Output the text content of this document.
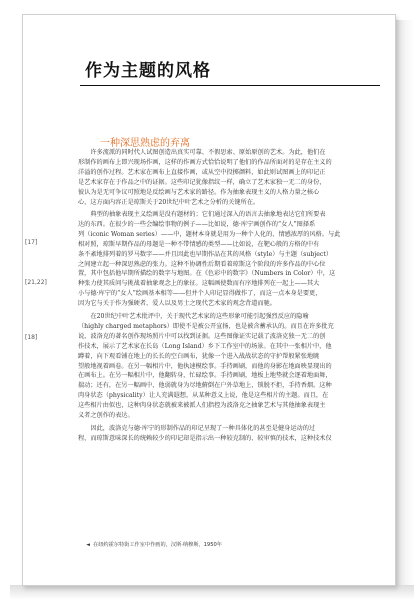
作为主题的风格
一种深思熟虑的弃离
许多流派的同时代人试图创造出真实可靠、不假思索、原始原创的艺术。为此，他们在
形制作的画布上即兴现场作画，这样的作画方式恰恰说明了他们的作品所面对的是存在主义的
洋溢的创作过程。艺术家在画布上直接作画，或从空中投掷颜料，如此则试图画上的印记正
是艺术家存在于作品之中的证据。这些印记犹像指纹一样，确立了艺术家独一无二的身份，
彼认为是无可争议可照地是反绘画与艺术家的路径。作为抽象表现主义的人格力量之核心
心，这方面内容正是琼斯关于20世纪中叶艺术之分析的关键所在。
典型的抽象表现主义绘画是没有题材的；它们通过深入的语言去抽象地表达它们所要表
达的东西。在很少的一些会编绘事物的例子——比如说，德·库宁画创作的“女人”图择系
列（iconic Woman series）——中，题材本身就是用为一种个人化的、情感浓厚的风格。与此
相对照，琼斯早期作品的母题是一种不带情感的类型——比如说，在靶心般的方格的中有
条不紊地排列着的罗马数字——并且因此也早期作品在其的风格（style）与主题（subject）
之间建立起一种深思熟虑的张力。这种不协调性后期看着琼斯这个阶段的许多作品的中心位
置，其中包括他早期所描绘的数字与地图。在《色彩中的数字》（Numbers in Color）中，这
种张力使其质问与挑战着抽象观念上的象征。这幅画使数而有序地排列在一起上——其大
小与德·库宁的“女人”绘画基本相等——但并个人印记显得做作了，而这一点本身是要更，
因为它与关于作为强硬者、爱人以及男士之现代艺术家的观念背道而驰。
在20世纪中叶艺术批评中，关于现代艺术家的这些形象可能引起强烈反应的隐喻
（highly charged metaphors）即使不是被公开宣扬，也是被含蓄承认的。而且在许多批充
说，波洛克的著名创作现场照片中可以找到证据。这些图像证实记载了波洛克独一无二的创
作技术，展示了艺术家在长岛（Long Island）乡下工作室中的场景。在其中一张相片中，他
蹲着，向下观看铺在地上的长长的空白画布，犹像一个进入战战状态的守护帮般紧张地眺
望般地视着画卷。在另一幅相片中，他执速模绘事。手持画刷，而他的身影在地面映显现出的
在画布上。在另一幅相片中，他翻转身，忙碌绘事。手持画刷，地板上地垫就会逐着地面舞，
揣动；还有，在另一幅画中，他弱就身为尽地俯倒在户外草地上，锁脱不拒，手持香烟。这种
肉身状态（physicality）让人充满遐想，从某种意义上说，他是这些相片的主题。而且，在
这些相片由似也，这种肉身状态就被来被派人们指控为波洛克之抽象艺术与其他抽象表现主
义者之创作的表达。
因此，波洛克与德·库宁的形制作品的印记呈现了一种具体化的甚至是健身运动的过
程，而琼斯意味深长的统赖较少的印记却是指示出一种较克制的、较审慎的技术，这种技术仅
[17]
[21,22]
[18]
◄ 在纽约霍尔特街工作室中作画的，汉斯·纳穆斯，1950年
